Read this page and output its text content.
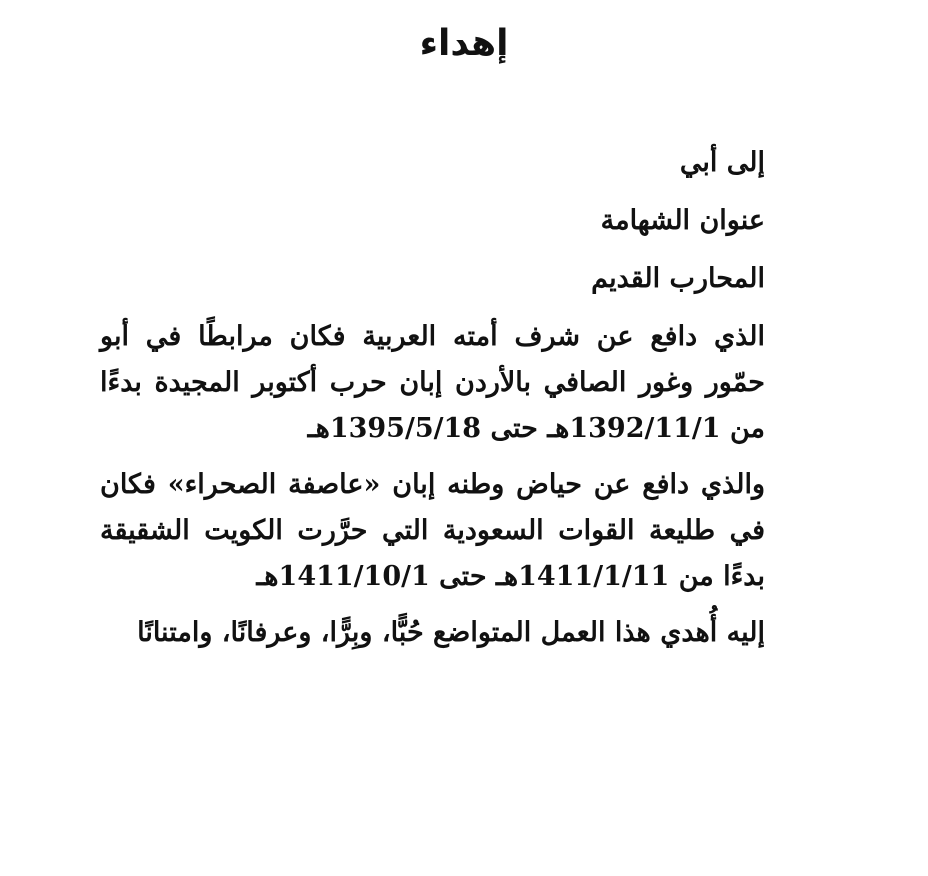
إهداء
إلى أبي
عنوان الشهامة
المحارب القديم
الذي دافع عن شرف أمته العربية فكان مرابطًا في أبو حمّور وغور الصافي بالأردن إبان حرب أكتوبر المجيدة بدءًا من 1392/11/1هـ حتى 1395/5/18هـ
والذي دافع عن حياض وطنه إبان «عاصفة الصحراء» فكان في طليعة القوات السعودية التي حرَّرت الكويت الشقيقة بدءًا من 1411/1/11هـ حتى 1411/10/1هـ
إليه أُهدي هذا العمل المتواضع حُبًّا، وبِرًّا، وعرفانًا، وامتنانًا
